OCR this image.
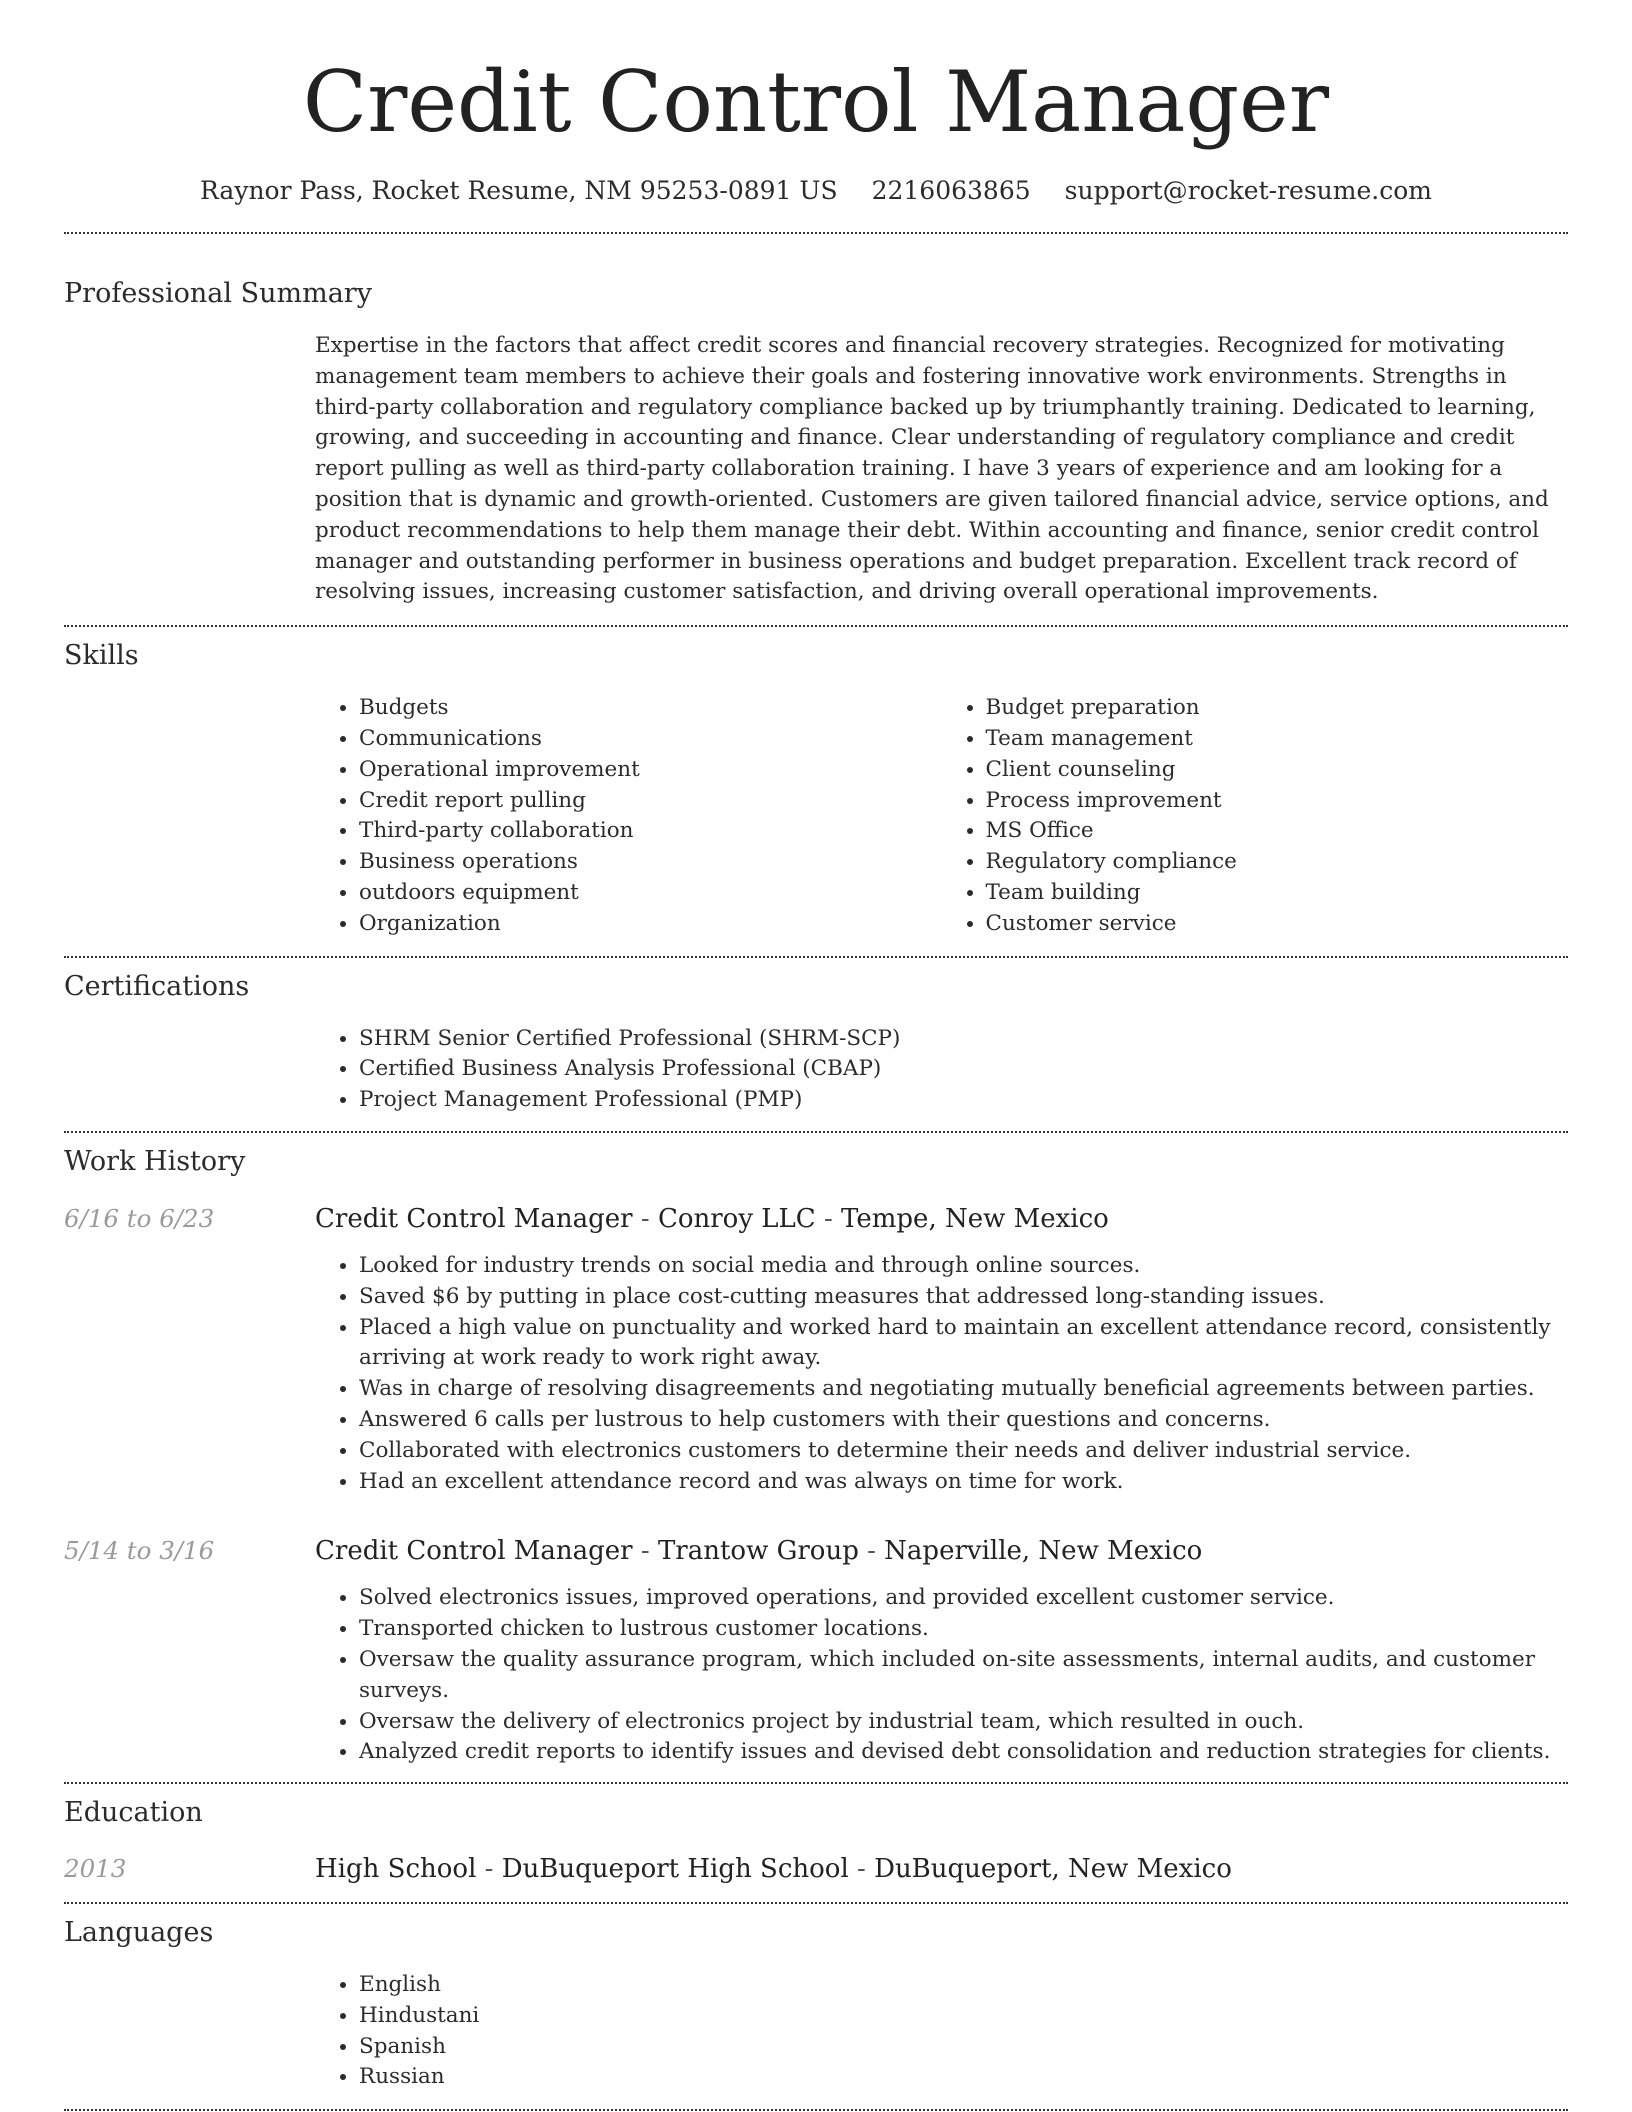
Credit Control Manager
Raynor Pass, Rocket Resume, NM 95253-0891 US 2216063865 support@rocket-resume.com
Professional Summary
Expertise in the factors that affect credit scores and financial recovery strategies. Recognized for motivating management team members to achieve their goals and fostering innovative work environments. Strengths in third-party collaboration and regulatory compliance backed up by triumphantly training. Dedicated to learning, growing, and succeeding in accounting and finance. Clear understanding of regulatory compliance and credit report pulling as well as third-party collaboration training. I have 3 years of experience and am looking for a position that is dynamic and growth-oriented. Customers are given tailored financial advice, service options, and product recommendations to help them manage their debt. Within accounting and finance, senior credit control manager and outstanding performer in business operations and budget preparation. Excellent track record of resolving issues, increasing customer satisfaction, and driving overall operational improvements.
Skills
• Budgets
• Communications
• Operational improvement
• Credit report pulling
• Third-party collaboration
• Business operations
• outdoors equipment
• Organization
• Budget preparation
• Team management
• Client counseling
• Process improvement
• MS Office
• Regulatory compliance
• Team building
• Customer service
Certifications
• SHRM Senior Certified Professional (SHRM-SCP)
• Certified Business Analysis Professional (CBAP)
• Project Management Professional (PMP)
Work History
6/16 to 6/23	Credit Control Manager - Conroy LLC - Tempe, New Mexico
• Looked for industry trends on social media and through online sources.
• Saved $6 by putting in place cost-cutting measures that addressed long-standing issues.
• Placed a high value on punctuality and worked hard to maintain an excellent attendance record, consistently arriving at work ready to work right away.
• Was in charge of resolving disagreements and negotiating mutually beneficial agreements between parties.
• Answered 6 calls per lustrous to help customers with their questions and concerns.
• Collaborated with electronics customers to determine their needs and deliver industrial service.
• Had an excellent attendance record and was always on time for work.
5/14 to 3/16	Credit Control Manager - Trantow Group - Naperville, New Mexico
• Solved electronics issues, improved operations, and provided excellent customer service.
• Transported chicken to lustrous customer locations.
• Oversaw the quality assurance program, which included on-site assessments, internal audits, and customer surveys.
• Oversaw the delivery of electronics project by industrial team, which resulted in ouch.
• Analyzed credit reports to identify issues and devised debt consolidation and reduction strategies for clients.
Education
2013	High School - DuBuqueport High School - DuBuqueport, New Mexico
Languages
• English
• Hindustani
• Spanish
• Russian
